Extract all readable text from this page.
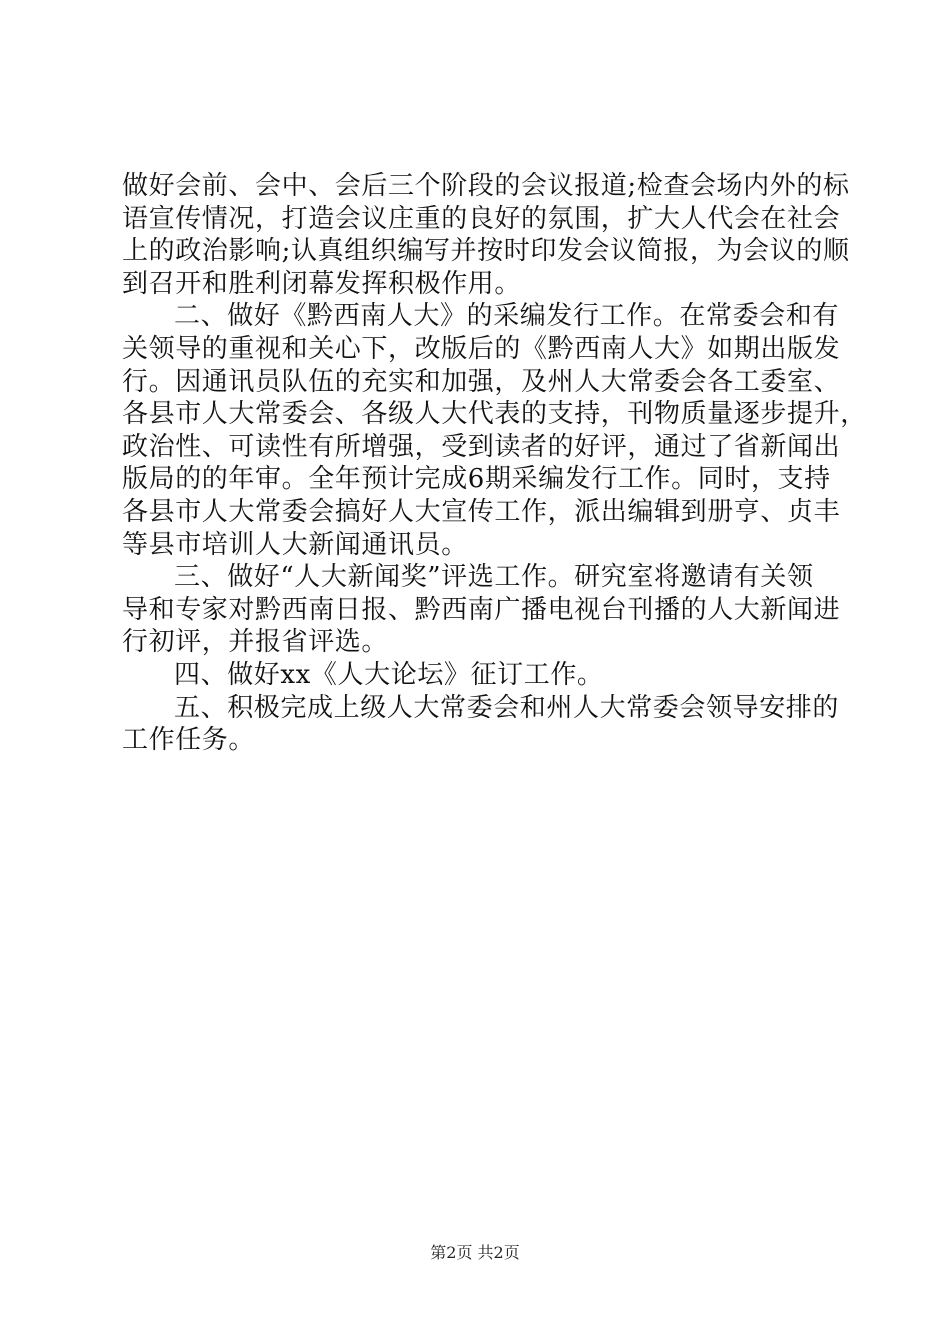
做好会前、会中、会后三个阶段的会议报道;检查会场内外的标
语宣传情况，打造会议庄重的良好的氛围，扩大人代会在社会
上的政治影响;认真组织编写并按时印发会议简报，为会议的顺
到召开和胜利闭幕发挥积极作用。
二、做好《黔西南人大》的采编发行工作。在常委会和有
关领导的重视和关心下，改版后的《黔西南人大》如期出版发
行。因通讯员队伍的充实和加强，及州人大常委会各工委室、
各县市人大常委会、各级人大代表的支持，刊物质量逐步提升，
政治性、可读性有所增强，受到读者的好评，通过了省新闻出
版局的的年审。全年预计完成6期采编发行工作。同时，支持
各县市人大常委会搞好人大宣传工作，派出编辑到册亨、贞丰
等县市培训人大新闻通讯员。
三、做好“人大新闻奖”评选工作。研究室将邀请有关领
导和专家对黔西南日报、黔西南广播电视台刊播的人大新闻进
行初评，并报省评选。
四、做好xx《人大论坛》征订工作。
五、积极完成上级人大常委会和州人大常委会领导安排的
工作任务。
第2页 共2页
